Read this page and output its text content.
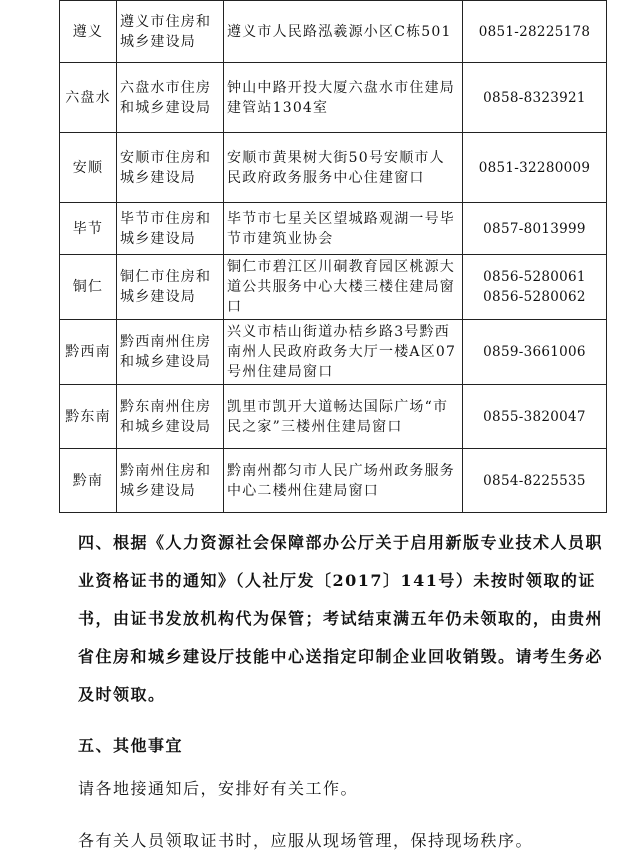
遵义	遵义市住房和城乡建设局	遵义市人民路泓羲源小区C栋501	0851-28225178

六盘水	六盘水市住房和城乡建设局	钟山中路开投大厦六盘水市住建局建管站1304室	0858-8323921

安顺	安顺市住房和城乡建设局	安顺市黄果树大街50号安顺市人民政府政务服务中心住建窗口	0851-32280009

毕节	毕节市住房和城乡建设局	毕节市七星关区望城路观湖一号毕节市建筑业协会	0857-8013999

铜仁	铜仁市住房和城乡建设局	铜仁市碧江区川硐教育园区桃源大道公共服务中心大楼三楼住建局窗口	0856-5280061
0856-5280062

黔西南	黔西南州住房和城乡建设局	兴义市桔山街道办桔乡路3号黔西南州人民政府政务大厅一楼A区07号州住建局窗口	0859-3661006

黔东南	黔东南州住房和城乡建设局	凯里市凯开大道畅达国际广场“市民之家”三楼州住建局窗口	0855-3820047

黔南	黔南州住房和城乡建设局	黔南州都匀市人民广场州政务服务中心二楼州住建局窗口	0854-8225535

四、根据《人力资源社会保障部办公厅关于启用新版专业技术人员职业资格证书的通知》（人社厅发〔2017〕141号）未按时领取的证书，由证书发放机构代为保管；考试结束满五年仍未领取的，由贵州省住房和城乡建设厅技能中心送指定印制企业回收销毁。请考生务必及时领取。

五、其他事宜

请各地接通知后，安排好有关工作。

各有关人员领取证书时，应服从现场管理，保持现场秩序。
